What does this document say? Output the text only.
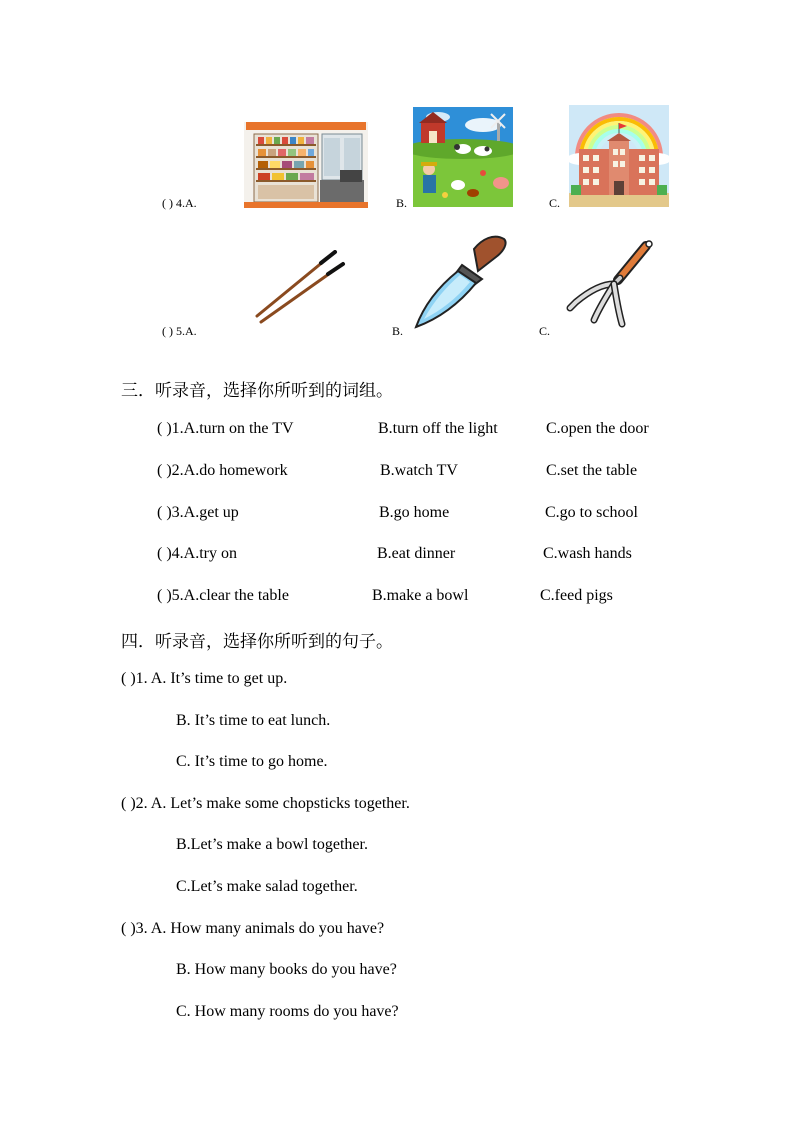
( ) 4.A.	B.	C.
( ) 5.A.	B.	C.
三．听录音，选择你所听到的词组。
( )1.A.turn on the TV	B.turn off the light	C.open the door
( )2.A.do homework	B.watch TV	C.set the table
( )3.A.get up	B.go home	C.go to school
( )4.A.try on	B.eat dinner	C.wash hands
( )5.A.clear the table	B.make a bowl	C.feed pigs
四．听录音，选择你所听到的句子。
( )1. A. It’s time to get up.
B. It’s time to eat lunch.
C. It’s time to go home.
( )2. A. Let’s make some chopsticks together.
B.Let’s make a bowl together.
C.Let’s make salad together.
( )3. A. How many animals do you have?
B. How many books do you have?
C. How many rooms do you have?
